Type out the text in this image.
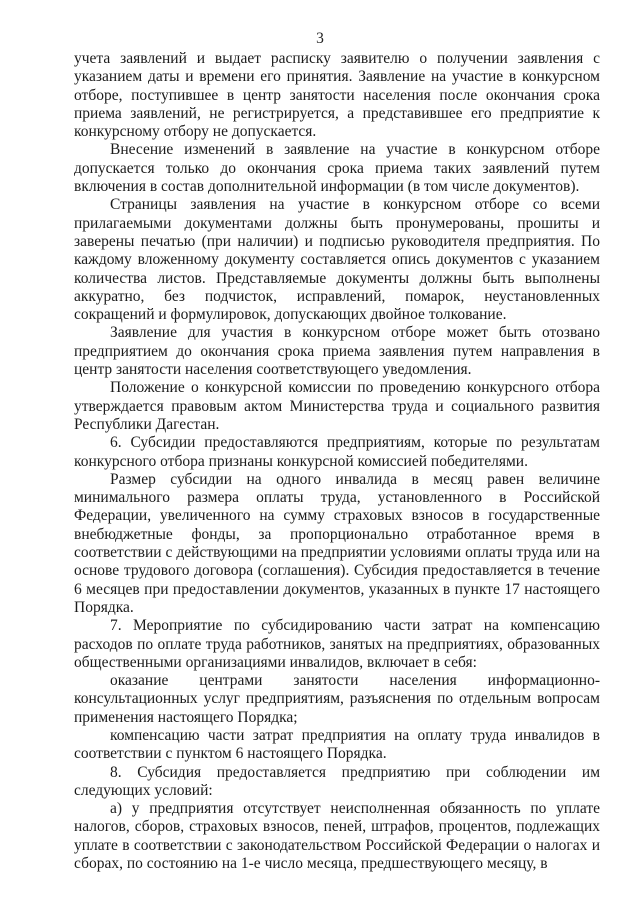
3

учета заявлений и выдает расписку заявителю о получении заявления с указанием даты и времени его принятия. Заявление на участие в конкурсном отборе, поступившее в центр занятости населения после окончания срока приема заявлений, не регистрируется, а представившее его предприятие к конкурсному отбору не допускается.

Внесение изменений в заявление на участие в конкурсном отборе допускается только до окончания срока приема таких заявлений путем включения в состав дополнительной информации (в том числе документов).

Страницы заявления на участие в конкурсном отборе со всеми прилагаемыми документами должны быть пронумерованы, прошиты и заверены печатью (при наличии) и подписью руководителя предприятия. По каждому вложенному документу составляется опись документов с указанием количества листов. Представляемые документы должны быть выполнены аккуратно, без подчисток, исправлений, помарок, неустановленных сокращений и формулировок, допускающих двойное толкование.

Заявление для участия в конкурсном отборе может быть отозвано предприятием до окончания срока приема заявления путем направления в центр занятости населения соответствующего уведомления.

Положение о конкурсной комиссии по проведению конкурсного отбора утверждается правовым актом Министерства труда и социального развития Республики Дагестан.

6. Субсидии предоставляются предприятиям, которые по результатам конкурсного отбора признаны конкурсной комиссией победителями.

Размер субсидии на одного инвалида в месяц равен величине минимального размера оплаты труда, установленного в Российской Федерации, увеличенного на сумму страховых взносов в государственные внебюджетные фонды, за пропорционально отработанное время в соответствии с действующими на предприятии условиями оплаты труда или на основе трудового договора (соглашения). Субсидия предоставляется в течение 6 месяцев при предоставлении документов, указанных в пункте 17 настоящего Порядка.

7. Мероприятие по субсидированию части затрат на компенсацию расходов по оплате труда работников, занятых на предприятиях, образованных общественными организациями инвалидов, включает в себя:

оказание центрами занятости населения информационно-консультационных услуг предприятиям, разъяснения по отдельным вопросам применения настоящего Порядка;

компенсацию части затрат предприятия на оплату труда инвалидов в соответствии с пунктом 6 настоящего Порядка.

8. Субсидия предоставляется предприятию при соблюдении им следующих условий:

а) у предприятия отсутствует неисполненная обязанность по уплате налогов, сборов, страховых взносов, пеней, штрафов, процентов, подлежащих уплате в соответствии с законодательством Российской Федерации о налогах и сборах, по состоянию на 1-е число месяца, предшествующего месяцу, в
